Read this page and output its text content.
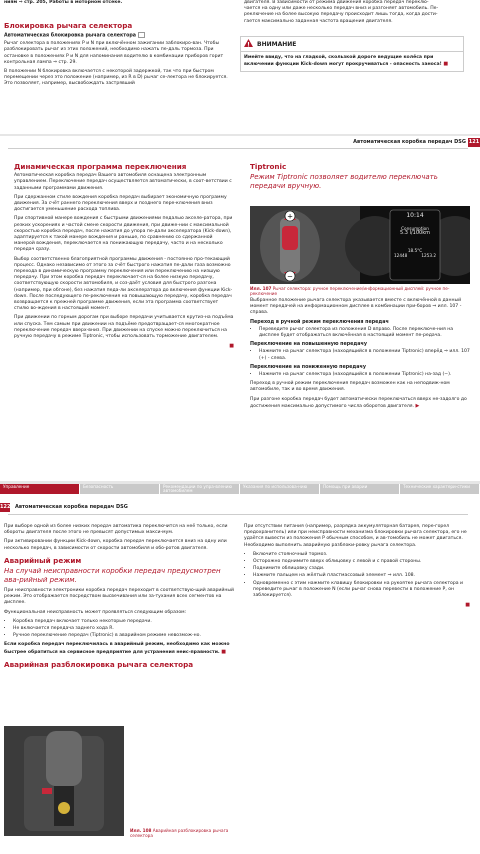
ниям ⇒ стр. 205, Работы в моторном отсеке.

Блокировка рычага селектора
Автоматическая блокировка рычага селектора

Рычаг селектора в положениях P и N при включённом зажигании заблокиро-ван. Чтобы разблокировать рычаг из этих положений, необходимо нажать пе-даль тормоза. При остановке в положениях P и N для напоминания водителю в комбинации приборов горит контрольная лампа ⇒ стр. 29.

В положении N блокировка включается с некоторой задержкой, так что при быстром перемещении через это положение (например, из R в D) рычаг се-лектора не блокируется. Это позволяет, например, высвобождать застрявший

двигателя. В зависимости от режима движения коробка передач переклю-

чается на одну или даже несколько передач вниз и разгоняет автомобиль. Пе-

реключение на более высокую передачу происходит лишь тогда, когда дости-

гается максимально заданная частота вращения двигателя.

! ВНИМАНИЕ
Имейте ввиду, что на гладкой, скользкой дороге ведущие колёса при включении функции Kick-down могут прокручиваться - опасность заноса! ■
Автоматическая коробка передач DSG 121
Динамическая программа переключения

Автоматическая коробка передач Вашего автомобиля оснащена электронным управлением. Переключение передач осуществляется автоматически, в соот-ветствии с заданными программами движения.

При сдержанном стиле вождения коробка передач выбирает экономичную программу движения. За счёт раннего переключения вверх и позднего пере-ключения вниз достигается уменьшение расхода топлива.

При спортивной манере вождения с быстрыми движениями педалью акселе-ратора, при резких ускорениях и частой смене скорости движения, при движе-нии с максимальной скоростью коробка передач, после нажатия до упора пе-дали акселератора (Kick-down), адаптируется к такой манере вождения и раньше, по сравнению со сдержанной манерой вождения, переключается на понижающую передачу, часто и на несколько передач сразу.

Выбор соответственно благоприятной программы движения - постоянно про-текающий процесс. Однако независимо от этого за счёт быстрого нажатия пе-дали газа возможно перехода в динамическую программу переключения или переключению на низшую передачу. При этом коробка передач переключает-ся на более низкую передачу, соответствующую скорости автомобиля, и соз-даёт условия для быстрого разгона (например, при обгоне), без нажатия педа-ли акселератора до включения функции Kick-down. После последующего пе-реключения на повышающую передачу, коробка передач возвращается к прежней программе движения, если эта программа соответствует стилю во-ждения в настоящий момент.

При движении по горным дорогам при выборе передачи учитывается крутиз-на подъёма или спуска. Тем самым при движении на подъёме предотвращает-ся многократное переключение передач вверх-вниз. При движении на спуске можно переключиться на ручную передачу в режиме Tiptronic, чтобы использовать торможение двигателем.

■
Tiptronic
Режим Tiptronic позволяет водителю переключать передачи вручную.
+
−
10:14
Consumption
5.3 l/100km
18.5°C
12448	1253.2
Илл. 107 Рычаг селектора: ручное переключение/информационный дисплей: ручное пе-реключение

Выбранное положение рычага селектора указывается вместе с включённой в данный момент передачей на информационном дисплее в комбинации при-боров ⇒ илл. 107 - справа.

Переход в ручной режим переключения передач
• Переведите рычаг селектора из положения D вправо. После переключе-ния на дисплее будет отображаться включённая в настоящий момент пе-редача.
Переключение на повышенную передачу
• Нажмите на рычаг селектора (находящийся в положении Tiptronic) вперёд ⇒ илл. 107 (+) - слева.
Переключение на пониженную передачу
• Нажмите на рычаг селектора (находящийся в положении Tiptronic) на-зад (−).

Переход в ручной режим переключения передач возможен как на неподвиж-ном автомобиле, так и во время движения.

При разгоне коробка передач будет автоматически переключаться вверх не-задолго до достижения максимально допустимого числа оборотов двигателя. ▶

Управление	Безопасность	Рекомендации по упра-влению автомобилем
Указания по использова-нию	Помощь при аварии	Технические характери-стики
122 Автоматическая коробка передач DSG

При выборе одной из более низких передач автоматика переключится на неё только, если обороты двигателя после этого не превысят допустимых макси-мум.

При активировании функции Kick-down, коробка передач переключается вниз на одну или несколько передач, в зависимости от скорости автомобиля и обо-ротов двигателя.

Аварийный режим
На случай неисправности коробки передач предусмотрен ава-рийный режим.

При неисправности электроники коробка передач переходит в соответствую-щий аварийный режим. Это отображается посредством высвечивания или за-тухания всех сегментов на дисплее.

Функциональная неисправность может проявляться следующим образом:

• Коробка передач включает только некоторые передачи.
• Не включается передача заднего хода R.
• Ручное переключение передач (Tiptronic) в аварийном режиме невозмож-но.

Если коробка передач переключилась в аварийный режим, необходимо как можно быстрее обратиться на сервисное предприятие для устранения неис-правности. ■

Аварийная разблокировка рычага селектора
Илл. 108 Аварийная разблокировка рычага селектора

При отсутствии питания (например, разрядка аккумуляторная батарея, пере-горел предохранитель) или при неисправности механизма блокировки рычага селектора, его не удаётся вывести из положения P обычным способом, и ав-томобиль не может двигаться. Необходимо выполнить аварийную разблоки-ровку рычага селектора.

• Включите стояночный тормоз.
• Осторожно поднимите вверх облицовку с левой и с правой стороны.
• Поднимите облицовку сзади.
• Нажмите пальцем на жёлтый пластмассовый элемент ⇒ илл. 108.
• Одновременно с этим нажмите клавишу блокировки на рукоятке рычага селектора и переведите рычаг в положение N (если рычаг снова перевести в положение P, он заблокируется).
■
